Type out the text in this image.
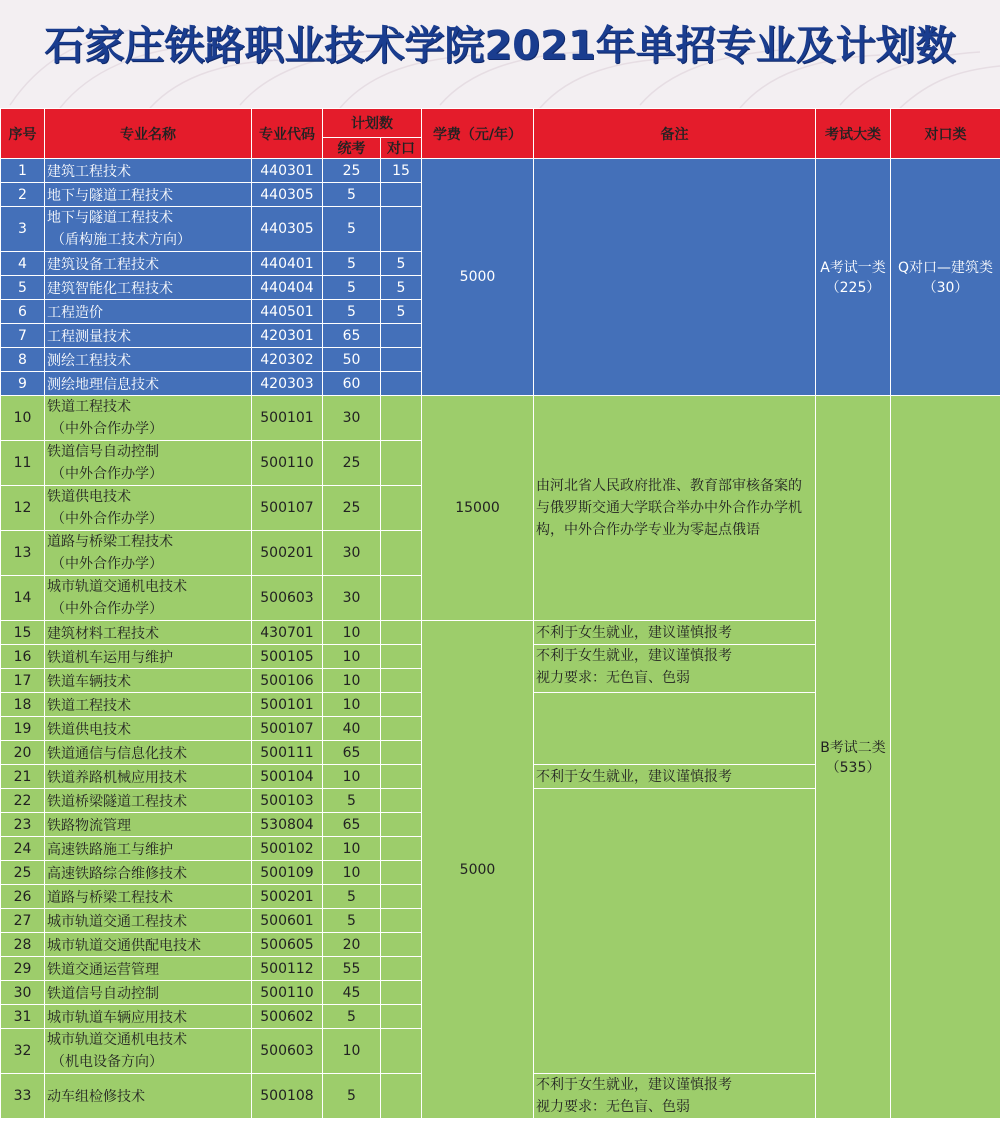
石家庄铁路职业技术学院2021年单招专业及计划数
序号	专业名称	专业代码	计划数		学费（元/年）	备注	考试大类	对口类
			统考	对口				
1	建筑工程技术	440301	25	15	5000		A考试一类
（225）	Q对口—建筑类
（30）

2	地下与隧道工程技术	440305	5					
3	地下与隧道工程技术
（盾构施工技术方向）	440305	5					
4	建筑设备工程技术	440401	5	5				
5	建筑智能化工程技术	440404	5	5				
6	工程造价	440501	5	5				
7	工程测量技术	420301	65					
8	测绘工程技术	420302	50					
9	测绘地理信息技术	420303	60					
10	铁道工程技术
（中外合作办学）	500101	30		15000	由河北省人民政府批准、教育部审核备案的与俄罗斯交通大学联合举办中外合作办学机构，中外合作办学专业为零起点俄语	B考试二类
（535）	

11	铁道信号自动控制
（中外合作办学）	500110	25					
12	铁道供电技术
（中外合作办学）	500107	25					
13	道路与桥梁工程技术
（中外合作办学）	500201	30					
14	城市轨道交通机电技术
（中外合作办学）	500603	30					
15	建筑材料工程技术	430701	10		5000	不利于女生就业，建议谨慎报考		
16	铁道机车运用与维护	500105	10			不利于女生就业，建议谨慎报考
视力要求：无色盲、色弱		

17	铁道车辆技术	500106	10					
18	铁道工程技术	500101	10					
19	铁道供电技术	500107	40					
20	铁道通信与信息化技术	500111	65					
21	铁道养路机械应用技术	500104	10			不利于女生就业，建议谨慎报考		
22	铁道桥梁隧道工程技术	500103	5					
23	铁路物流管理	530804	65					
24	高速铁路施工与维护	500102	10					
25	高速铁路综合维修技术	500109	10					
26	道路与桥梁工程技术	500201	5					
27	城市轨道交通工程技术	500601	5					
28	城市轨道交通供配电技术	500605	20					
29	铁道交通运营管理	500112	55					
30	铁道信号自动控制	500110	45					
31	城市轨道车辆应用技术	500602	5					
32	城市轨道交通机电技术
（机电设备方向）	500603	10					
33	动车组检修技术	500108	5			不利于女生就业，建议谨慎报考
视力要求：无色盲、色弱		
